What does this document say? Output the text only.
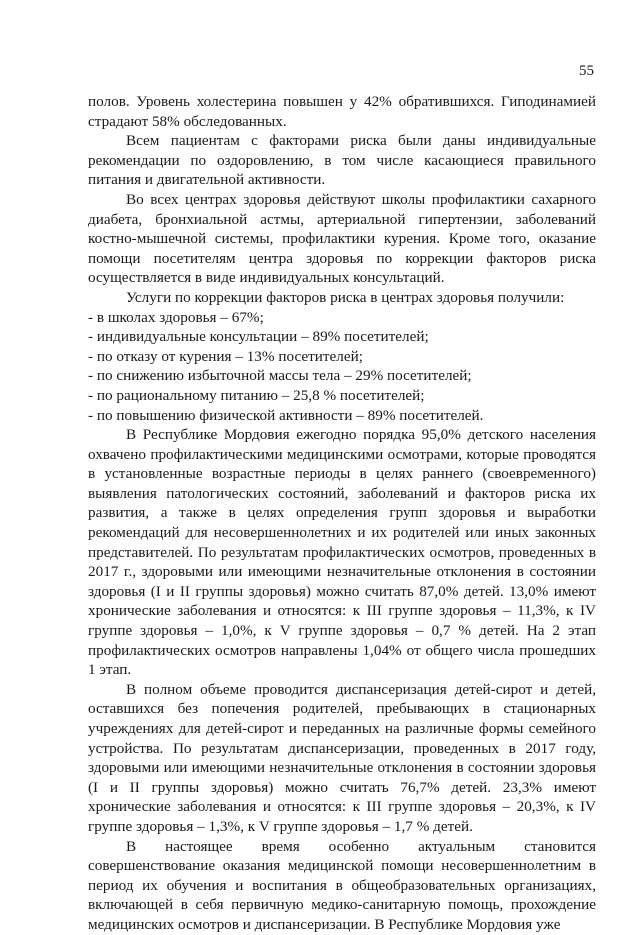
55

полов. Уровень холестерина повышен у 42% обратившихся. Гиподинамией страдают 58% обследованных.

Всем пациентам с факторами риска были даны индивидуальные рекомендации по оздоровлению, в том числе касающиеся правильного питания и двигательной активности.

Во всех центрах здоровья действуют школы профилактики сахарного диабета, бронхиальной астмы, артериальной гипертензии, заболеваний костно-мышечной системы, профилактики курения. Кроме того, оказание помощи посетителям центра здоровья по коррекции факторов риска осуществляется в виде индивидуальных консультаций.

Услуги по коррекции факторов риска в центрах здоровья получили:

- в школах здоровья – 67%;
- индивидуальные консультации – 89% посетителей;
- по отказу от курения – 13% посетителей;
- по снижению избыточной массы тела – 29% посетителей;
- по рациональному питанию – 25,8 % посетителей;
- по повышению физической активности – 89% посетителей.

В Республике Мордовия ежегодно порядка 95,0% детского населения охвачено профилактическими медицинскими осмотрами, которые проводятся в установленные возрастные периоды в целях раннего (своевременного) выявления патологических состояний, заболеваний и факторов риска их развития, а также в целях определения групп здоровья и выработки рекомендаций для несовершеннолетних и их родителей или иных законных представителей. По результатам профилактических осмотров, проведенных в 2017 г., здоровыми или имеющими незначительные отклонения в состоянии здоровья (I и II группы здоровья) можно считать 87,0% детей. 13,0% имеют хронические заболевания и относятся: к III группе здоровья – 11,3%, к IV группе здоровья – 1,0%, к V группе здоровья – 0,7 % детей. На 2 этап профилактических осмотров направлены 1,04% от общего числа прошедших 1 этап.

В полном объеме проводится диспансеризация детей-сирот и детей, оставшихся без попечения родителей, пребывающих в стационарных учреждениях для детей-сирот и переданных на различные формы семейного устройства. По результатам диспансеризации, проведенных в 2017 году, здоровыми или имеющими незначительные отклонения в состоянии здоровья (I и II группы здоровья) можно считать 76,7% детей. 23,3% имеют хронические заболевания и относятся: к III группе здоровья – 20,3%, к IV группе здоровья – 1,3%, к V группе здоровья – 1,7 % детей.

В настоящее время особенно актуальным становится совершенствование оказания медицинской помощи несовершеннолетним в период их обучения и воспитания в общеобразовательных организациях, включающей в себя первичную медико-санитарную помощь, прохождение медицинских осмотров и диспансеризации. В Республике Мордовия уже
